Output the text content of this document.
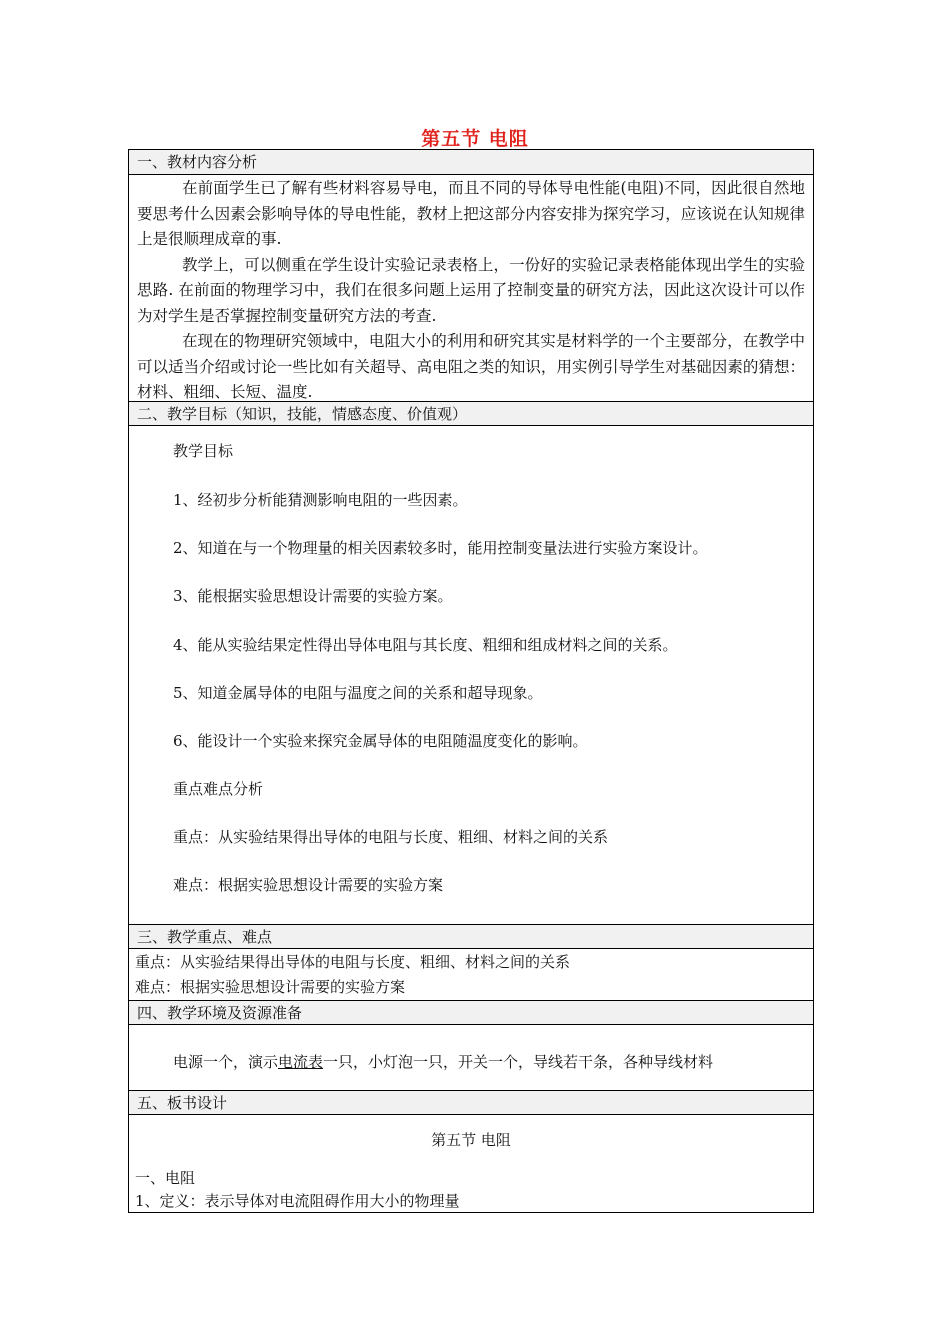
第五节 电阻
一、教材内容分析

在前面学生已了解有些材料容易导电，而且不同的导体导电性能(电阻)不同，因此很自然地要思考什么因素会影响导体的导电性能，教材上把这部分内容安排为探究学习，应该说在认知规律上是很顺理成章的事.

教学上，可以侧重在学生设计实验记录表格上，一份好的实验记录表格能体现出学生的实验思路. 在前面的物理学习中，我们在很多问题上运用了控制变量的研究方法，因此这次设计可以作为对学生是否掌握控制变量研究方法的考查.

在现在的物理研究领域中，电阻大小的利用和研究其实是材料学的一个主要部分，在教学中可以适当介绍或讨论一些比如有关超导、高电阻之类的知识，用实例引导学生对基础因素的猜想：材料、粗细、长短、温度.

二、教学目标（知识，技能，情感态度、价值观）
教学目标
1、经初步分析能猜测影响电阻的一些因素。
2、知道在与一个物理量的相关因素较多时，能用控制变量法进行实验方案设计。
3、能根据实验思想设计需要的实验方案。
4、能从实验结果定性得出导体电阻与其长度、粗细和组成材料之间的关系。
5、知道金属导体的电阻与温度之间的关系和超导现象。
6、能设计一个实验来探究金属导体的电阻随温度变化的影响。
重点难点分析
重点：从实验结果得出导体的电阻与长度、粗细、材料之间的关系
难点：根据实验思想设计需要的实验方案
三、教学重点、难点
重点：从实验结果得出导体的电阻与长度、粗细、材料之间的关系
难点：根据实验思想设计需要的实验方案
四、教学环境及资源准备
电源一个，演示电流表一只，小灯泡一只，开关一个，导线若干条，各种导线材料
五、板书设计
第五节 电阻
一、电阻
1、定义：表示导体对电流阻碍作用大小的物理量
